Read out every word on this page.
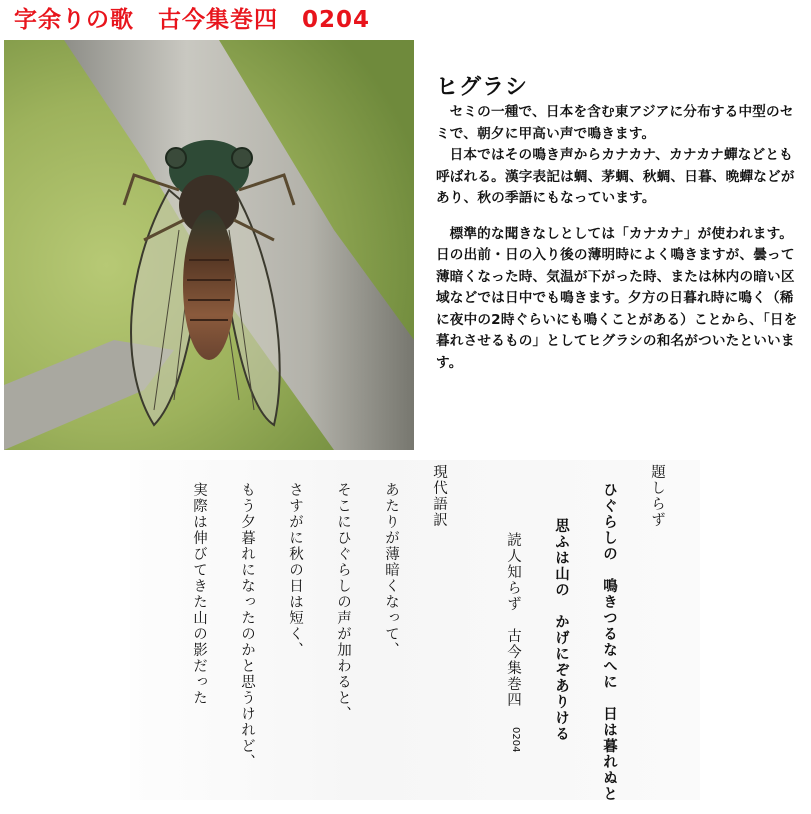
字余りの歌　古今集巻四　0204
ヒグラシ

セミの一種で、日本を含む東アジアに分布する中型のセミで、朝夕に甲高い声で鳴きます。

日本ではその鳴き声からカナカナ、カナカナ蟬などとも呼ばれる。漢字表記は蜩、茅蜩、秋蜩、日暮、晩蟬などがあり、秋の季語にもなっています。

標準的な聞きなしとしては「カナカナ」が使われます。日の出前・日の入り後の薄明時によく鳴きますが、曇って薄暗くなった時、気温が下がった時、または林内の暗い区域などでは日中でも鳴きます。夕方の日暮れ時に鳴く（稀に夜中の2時ぐらいにも鳴くことがある）ことから、「日を暮れさせるもの」としてヒグラシの和名がついたといいます。

題しらず
ひぐらしの　鳴きつるなへに　日は暮れぬと
思ふは山の　かげにぞありける
読人知らず　古今集巻四
0204
現代語訳
あたりが薄暗くなって、
そこにひぐらしの声が加わると、
さすがに秋の日は短く、
もう夕暮れになったのかと思うけれど、
実際は伸びてきた山の影だった
